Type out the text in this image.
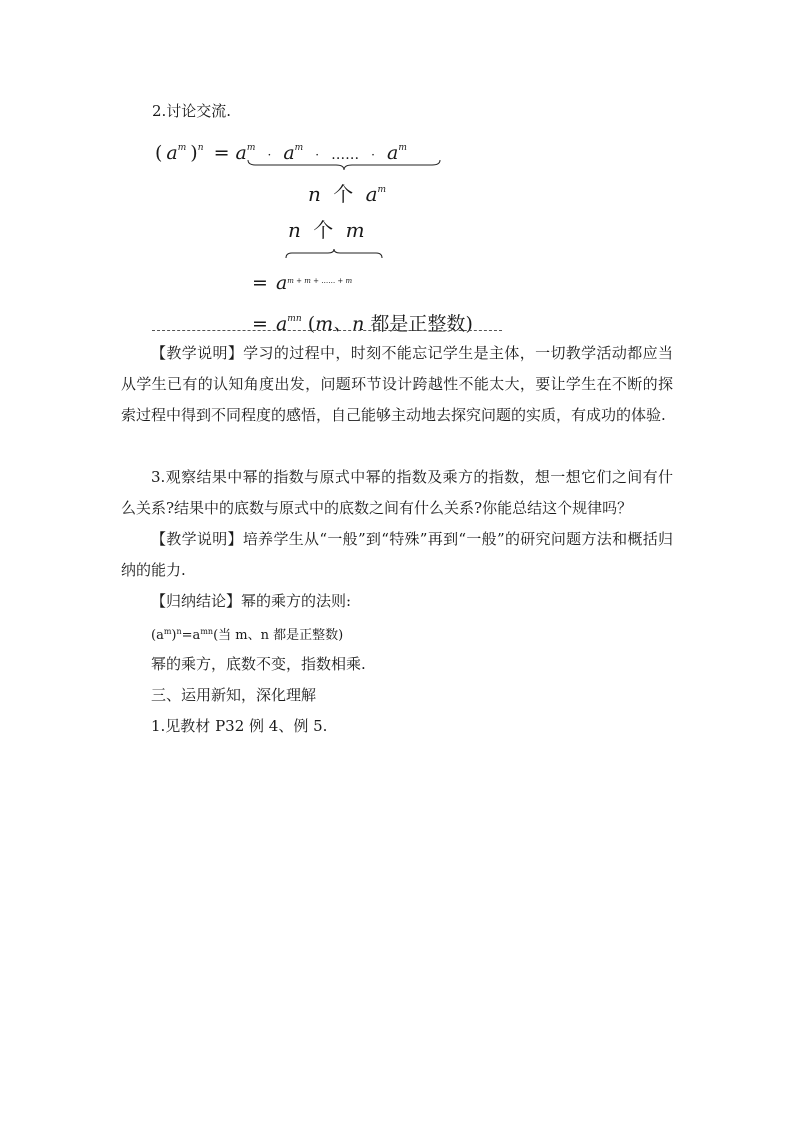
2.讨论交流.
( $a^m$ )$^n = a^m \cdot a^m$ · …… · $a^m$
n 个 $a^m$
n 个 m
= $a^{m + m + \dots\dots + m}$
= $a^{mn}$ (m、n 都是正整数)
【教学说明】学习的过程中，时刻不能忘记学生是主体，一切教学活动都应当从学生已有的认知角度出发，问题环节设计跨越性不能太大，要让学生在不断的探索过程中得到不同程度的感悟，自己能够主动地去探究问题的实质，有成功的体验.
3.观察结果中幂的指数与原式中幂的指数及乘方的指数，想一想它们之间有什么关系?结果中的底数与原式中的底数之间有什么关系?你能总结这个规律吗？
【教学说明】培养学生从“一般”到“特殊”再到“一般”的研究问题方法和概括归纳的能力.
【归纳结论】幂的乘方的法则:
$(a^m)^n=a^{mn}$(当 m、n 都是正整数)
幂的乘方，底数不变，指数相乘.
三、运用新知，深化理解
1.见教材 P32 例 4、例 5.
